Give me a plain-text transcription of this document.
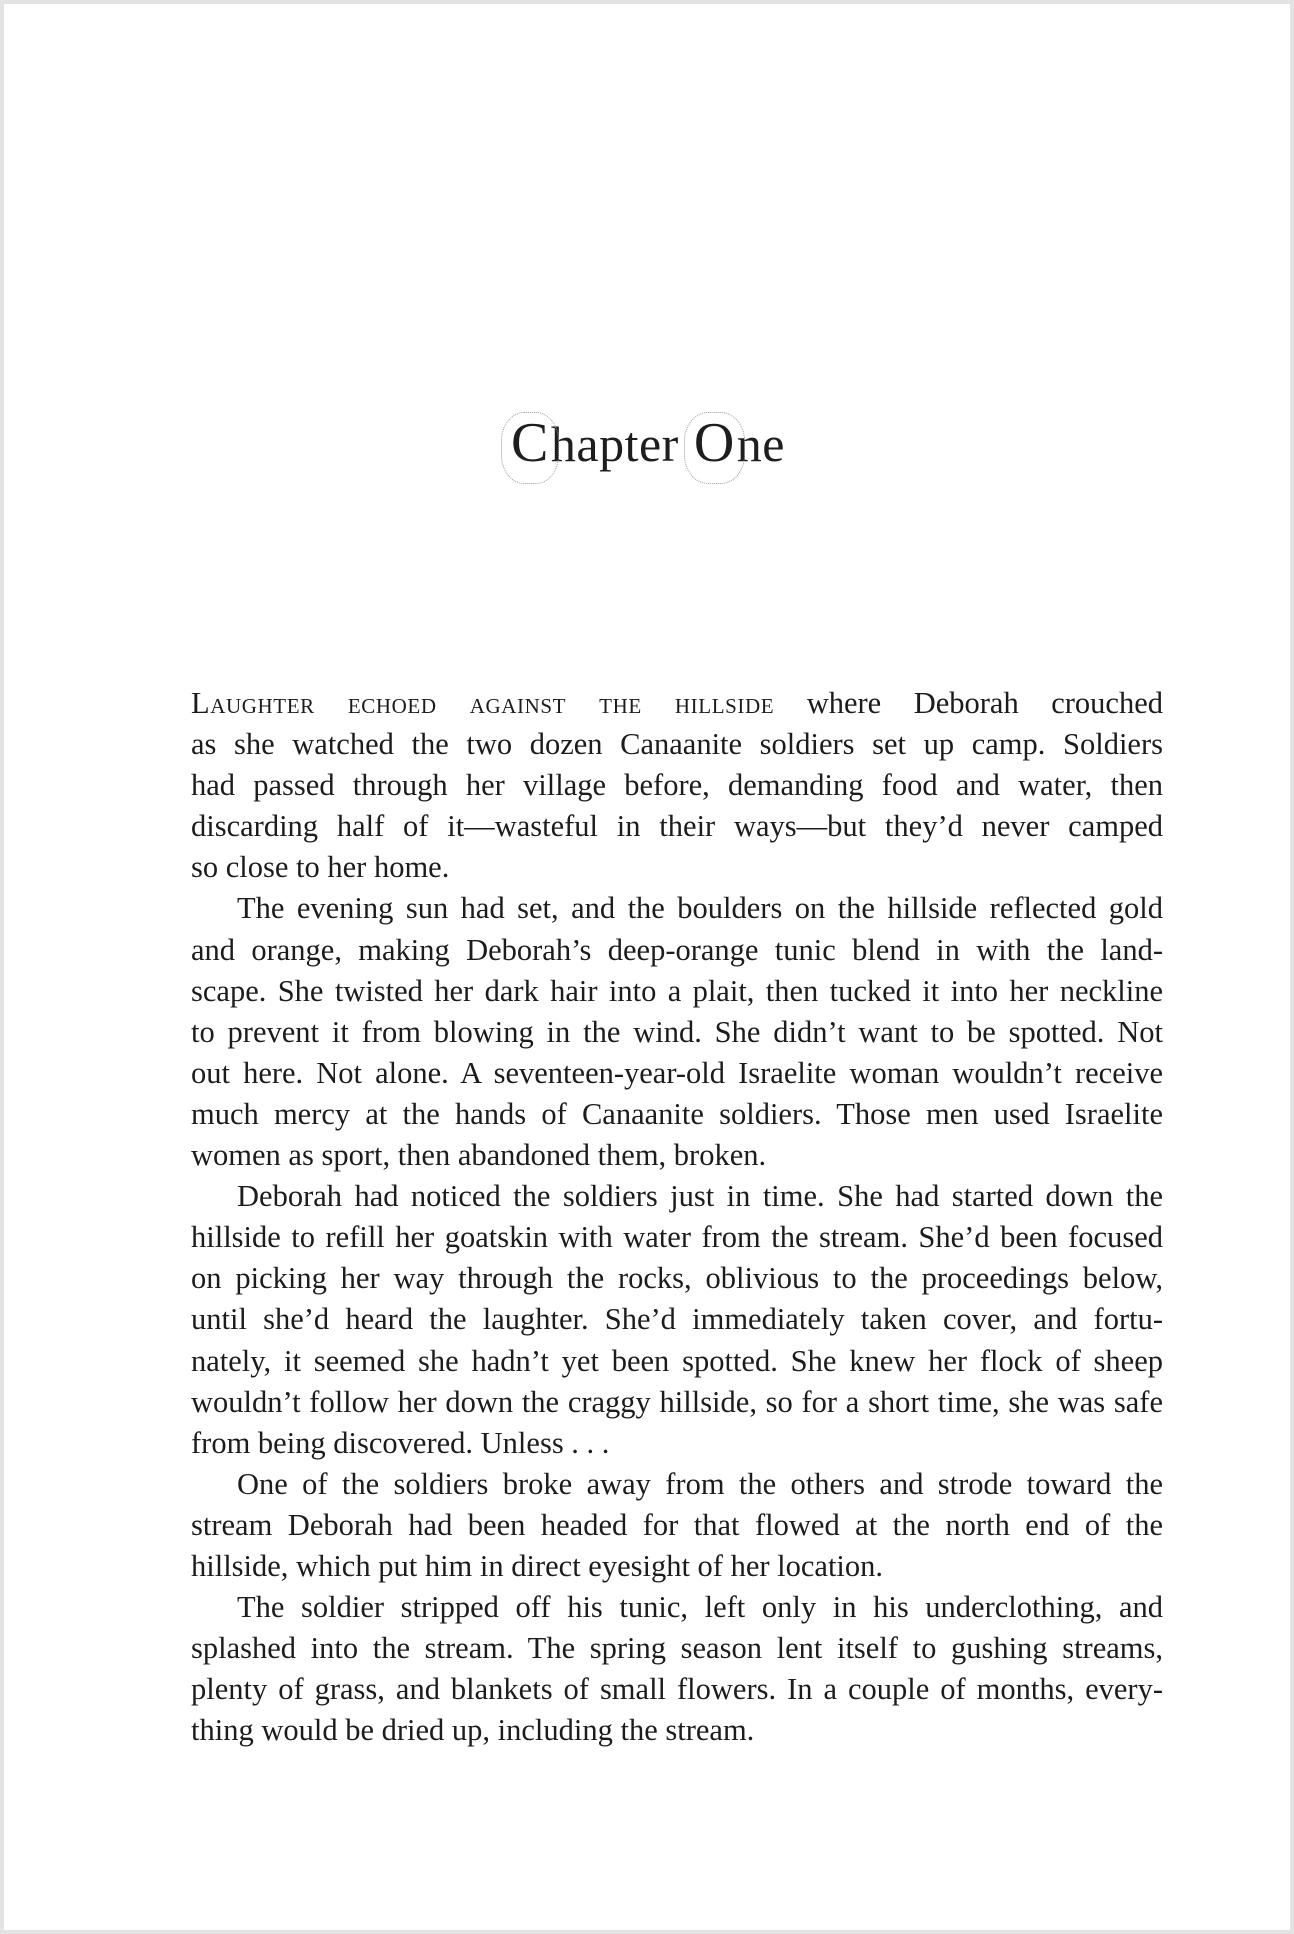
Chapter One
Laughter echoed against the hillside where Deborah crouched
as she watched the two dozen Canaanite soldiers set up camp. Soldiers
had passed through her village before, demanding food and water, then
discarding half of it—wasteful in their ways—but they’d never camped
so close to her home.
The evening sun had set, and the boulders on the hillside reflected gold
and orange, making Deborah’s deep-orange tunic blend in with the land-
scape. She twisted her dark hair into a plait, then tucked it into her neckline
to prevent it from blowing in the wind. She didn’t want to be spotted. Not
out here. Not alone. A seventeen-year-old Israelite woman wouldn’t receive
much mercy at the hands of Canaanite soldiers. Those men used Israelite
women as sport, then abandoned them, broken.
Deborah had noticed the soldiers just in time. She had started down the
hillside to refill her goatskin with water from the stream. She’d been focused
on picking her way through the rocks, oblivious to the proceedings below,
until she’d heard the laughter. She’d immediately taken cover, and fortu-
nately, it seemed she hadn’t yet been spotted. She knew her flock of sheep
wouldn’t follow her down the craggy hillside, so for a short time, she was safe
from being discovered. Unless . . .
One of the soldiers broke away from the others and strode toward the
stream Deborah had been headed for that flowed at the north end of the
hillside, which put him in direct eyesight of her location.
The soldier stripped off his tunic, left only in his underclothing, and
splashed into the stream. The spring season lent itself to gushing streams,
plenty of grass, and blankets of small flowers. In a couple of months, every-
thing would be dried up, including the stream.
